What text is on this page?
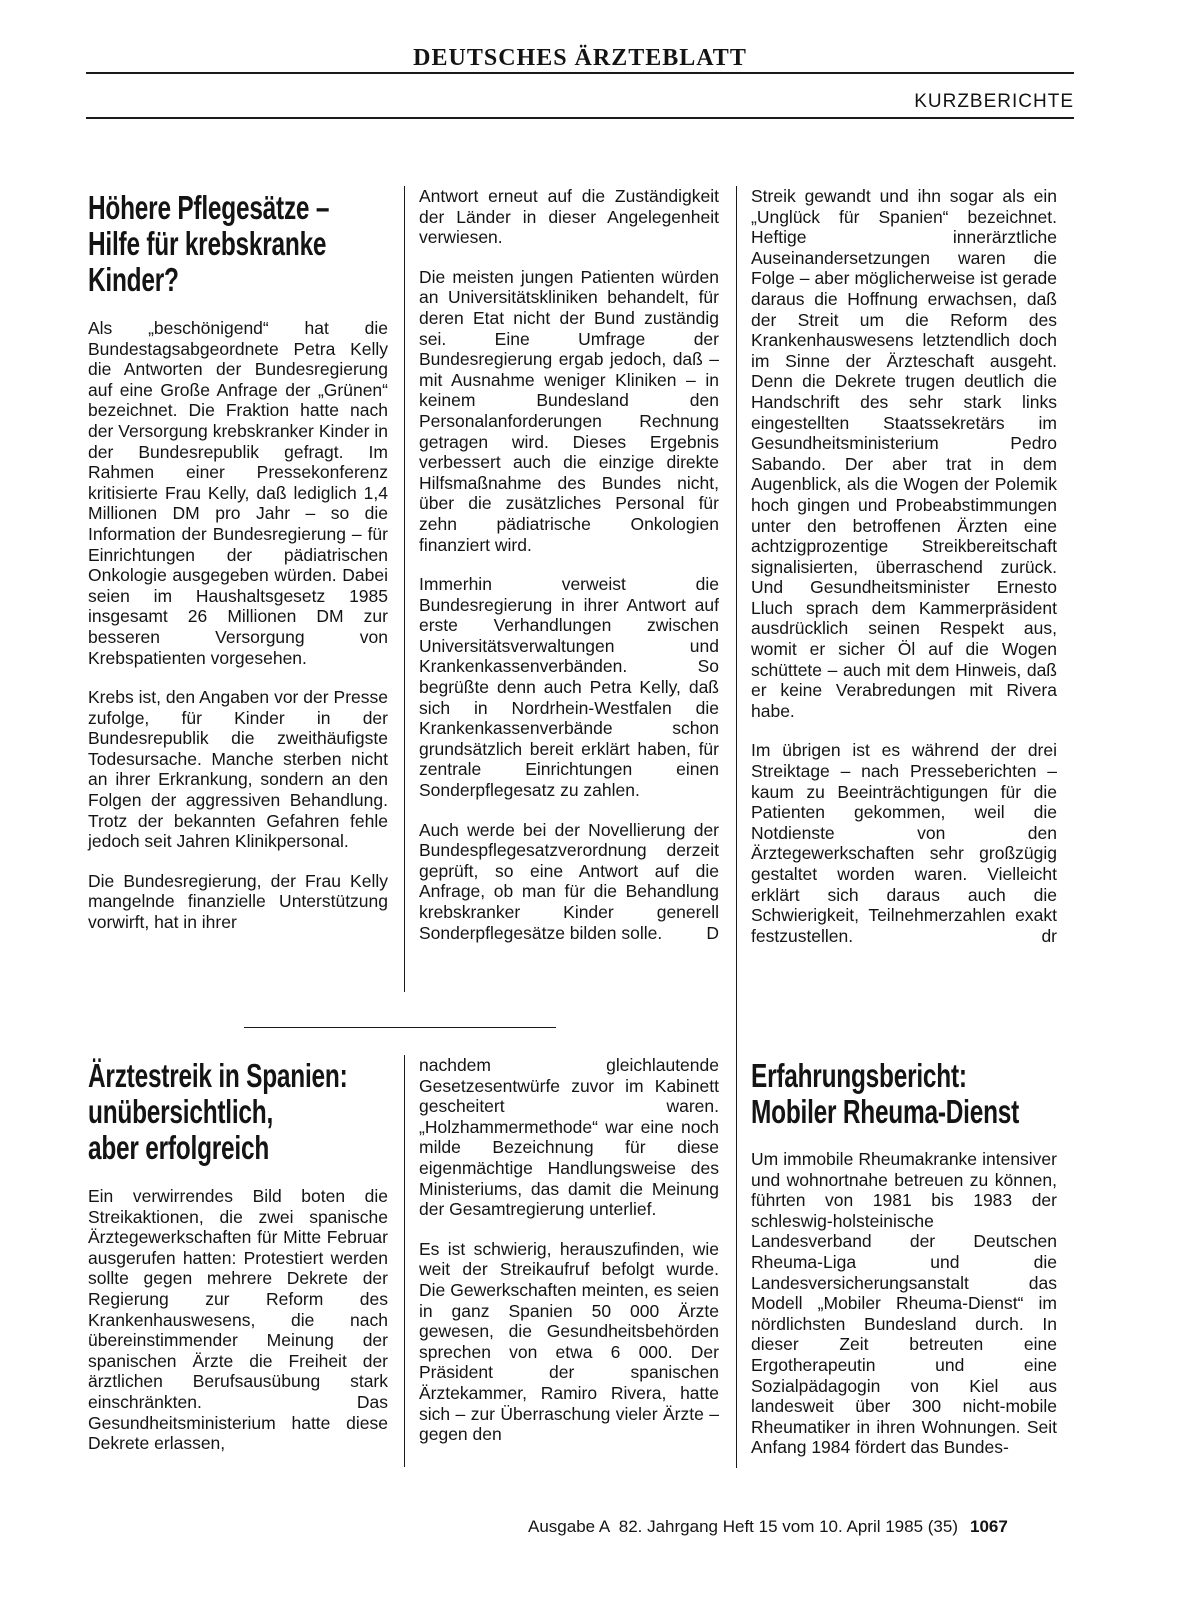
DEUTSCHES ÄRZTEBLATT
KURZBERICHTE
Höhere Pflegesätze –
Hilfe für krebskranke
Kinder?

Als „beschönigend“ hat die Bundestagsabgeordnete Petra Kelly die Antworten der Bundesregierung auf eine Große Anfrage der „Grünen“ bezeichnet. Die Fraktion hatte nach der Versorgung krebskranker Kinder in der Bundesrepublik gefragt. Im Rahmen einer Pressekonferenz kritisierte Frau Kelly, daß lediglich 1,4 Millionen DM pro Jahr – so die Information der Bundesregierung – für Einrichtungen der pädiatrischen Onkologie ausgegeben würden. Dabei seien im Haushaltsgesetz 1985 insgesamt 26 Millionen DM zur besseren Versorgung von Krebspatienten vorgesehen.

Krebs ist, den Angaben vor der Presse zufolge, für Kinder in der Bundesrepublik die zweithäufigste Todesursache. Manche sterben nicht an ihrer Erkrankung, sondern an den Folgen der aggressiven Behandlung. Trotz der bekannten Gefahren fehle jedoch seit Jahren Klinikpersonal.

Die Bundesregierung, der Frau Kelly mangelnde finanzielle Unterstützung vorwirft, hat in ihrer

Antwort erneut auf die Zuständigkeit der Länder in dieser Angelegenheit verwiesen.

Die meisten jungen Patienten würden an Universitätskliniken behandelt, für deren Etat nicht der Bund zuständig sei. Eine Umfrage der Bundesregierung ergab jedoch, daß – mit Ausnahme weniger Kliniken – in keinem Bundesland den Personalanforderungen Rechnung getragen wird. Dieses Ergebnis verbessert auch die einzige direkte Hilfsmaßnahme des Bundes nicht, über die zusätzliches Personal für zehn pädiatrische Onkologien finanziert wird.

Immerhin verweist die Bundesregierung in ihrer Antwort auf erste Verhandlungen zwischen Universitätsverwaltungen und Krankenkassenverbänden. So begrüßte denn auch Petra Kelly, daß sich in Nordrhein-Westfalen die Krankenkassenverbände schon grundsätzlich bereit erklärt haben, für zentrale Einrichtungen einen Sonderpflegesatz zu zahlen.

Auch werde bei der Novellierung der Bundespflegesatzverordnung derzeit geprüft, so eine Antwort auf die Anfrage, ob man für die Behandlung krebskranker Kinder generell Sonderpflegesätze bilden solle.	D

Streik gewandt und ihn sogar als ein „Unglück für Spanien“ bezeichnet. Heftige innerärztliche Auseinandersetzungen waren die Folge – aber möglicherweise ist gerade daraus die Hoffnung erwachsen, daß der Streit um die Reform des Krankenhauswesens letztendlich doch im Sinne der Ärzteschaft ausgeht. Denn die Dekrete trugen deutlich die Handschrift des sehr stark links eingestellten Staatssekretärs im Gesundheitsministerium Pedro Sabando. Der aber trat in dem Augenblick, als die Wogen der Polemik hoch gingen und Probeabstimmungen unter den betroffenen Ärzten eine achtzigprozentige Streikbereitschaft signalisierten, überraschend zurück. Und Gesundheitsminister Ernesto Lluch sprach dem Kammerpräsident ausdrücklich seinen Respekt aus, womit er sicher Öl auf die Wogen schüttete – auch mit dem Hinweis, daß er keine Verabredungen mit Rivera habe.

Im übrigen ist es während der drei Streiktage – nach Presseberichten – kaum zu Beeinträchtigungen für die Patienten gekommen, weil die Notdienste von den Ärztegewerkschaften sehr großzügig gestaltet worden waren. Vielleicht erklärt sich daraus auch die Schwierigkeit, Teilnehmerzahlen exakt festzustellen.	dr

Ärztestreik in Spanien:
unübersichtlich,
aber erfolgreich

Ein verwirrendes Bild boten die Streikaktionen, die zwei spanische Ärztegewerkschaften für Mitte Februar ausgerufen hatten: Protestiert werden sollte gegen mehrere Dekrete der Regierung zur Reform des Krankenhauswesens, die nach übereinstimmender Meinung der spanischen Ärzte die Freiheit der ärztlichen Berufsausübung stark einschränkten. Das Gesundheitsministerium hatte diese Dekrete erlassen,

nachdem gleichlautende Gesetzesentwürfe zuvor im Kabinett gescheitert waren. „Holzhammermethode“ war eine noch milde Bezeichnung für diese eigenmächtige Handlungsweise des Ministeriums, das damit die Meinung der Gesamtregierung unterlief.

Es ist schwierig, herauszufinden, wie weit der Streikaufruf befolgt wurde. Die Gewerkschaften meinten, es seien in ganz Spanien 50 000 Ärzte gewesen, die Gesundheitsbehörden sprechen von etwa 6 000. Der Präsident der spanischen Ärztekammer, Ramiro Rivera, hatte sich – zur Überraschung vieler Ärzte – gegen den

Erfahrungsbericht:
Mobiler Rheuma-Dienst

Um immobile Rheumakranke intensiver und wohnortnahe betreuen zu können, führten von 1981 bis 1983 der schleswig-holsteinische Landesverband der Deutschen Rheuma-Liga und die Landesversicherungsanstalt das Modell „Mobiler Rheuma-Dienst“ im nördlichsten Bundesland durch. In dieser Zeit betreuten eine Ergotherapeutin und eine Sozialpädagogin von Kiel aus landesweit über 300 nicht-mobile Rheumatiker in ihren Wohnungen. Seit Anfang 1984 fördert das Bundes-

Ausgabe A  82. Jahrgang Heft 15 vom 10. April 1985 (35) 1067
